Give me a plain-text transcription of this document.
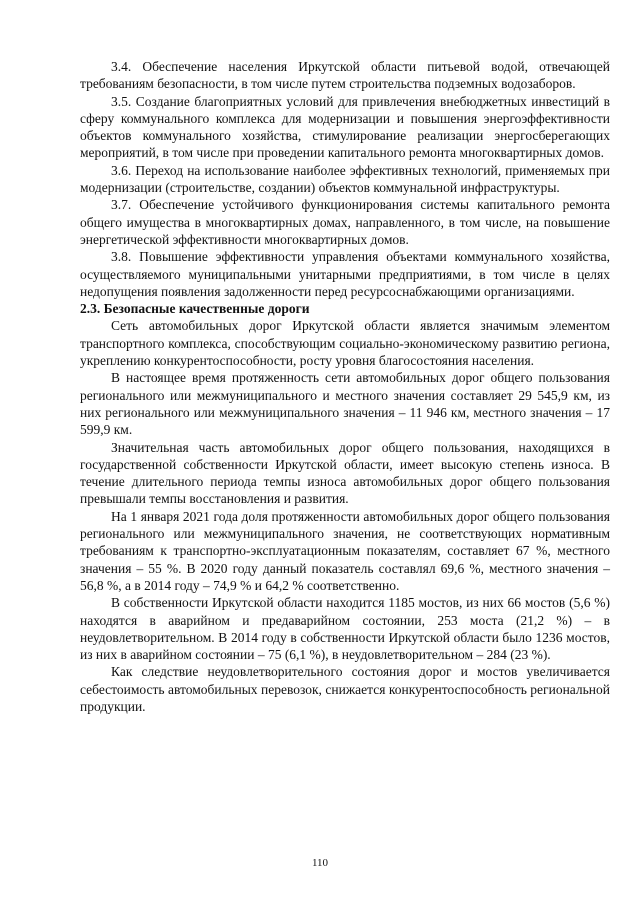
3.4. Обеспечение населения Иркутской области питьевой водой, отвечающей требованиям безопасности, в том числе путем строительства подземных водозаборов.

3.5. Создание благоприятных условий для привлечения внебюджетных инвестиций в сферу коммунального комплекса для модернизации и повышения энергоэффективности объектов коммунального хозяйства, стимулирование реализации энергосберегающих мероприятий, в том числе при проведении капитального ремонта многоквартирных домов.

3.6. Переход на использование наиболее эффективных технологий, применяемых при модернизации (строительстве, создании) объектов коммунальной инфраструктуры.

3.7. Обеспечение устойчивого функционирования системы капитального ремонта общего имущества в многоквартирных домах, направленного, в том числе, на повышение энергетической эффективности многоквартирных домов.

3.8. Повышение эффективности управления объектами коммунального хозяйства, осуществляемого муниципальными унитарными предприятиями, в том числе в целях недопущения появления задолженности перед ресурсоснабжающими организациями.

2.3. Безопасные качественные дороги

Сеть автомобильных дорог Иркутской области является значимым элементом транспортного комплекса, способствующим социально-экономическому развитию региона, укреплению конкурентоспособности, росту уровня благосостояния населения.

В настоящее время протяженность сети автомобильных дорог общего пользования регионального или межмуниципального и местного значения составляет 29 545,9 км, из них регионального или межмуниципального значения – 11 946 км, местного значения – 17 599,9 км.

Значительная часть автомобильных дорог общего пользования, находящихся в государственной собственности Иркутской области, имеет высокую степень износа. В течение длительного периода темпы износа автомобильных дорог общего пользования превышали темпы восстановления и развития.

На 1 января 2021 года доля протяженности автомобильных дорог общего пользования регионального или межмуниципального значения, не соответствующих нормативным требованиям к транспортно-эксплуатационным показателям, составляет 67 %, местного значения – 55 %. В 2020 году данный показатель составлял 69,6 %, местного значения – 56,8 %, а в 2014 году – 74,9 % и 64,2 % соответственно.

В собственности Иркутской области находится 1185 мостов, из них 66 мостов (5,6 %) находятся в аварийном и предаварийном состоянии, 253 моста (21,2 %) – в неудовлетворительном. В 2014 году в собственности Иркутской области было 1236 мостов, из них в аварийном состоянии – 75 (6,1 %), в неудовлетворительном – 284 (23 %).

Как следствие неудовлетворительного состояния дорог и мостов увеличивается себестоимость автомобильных перевозок, снижается конкурентоспособность региональной продукции.

110
